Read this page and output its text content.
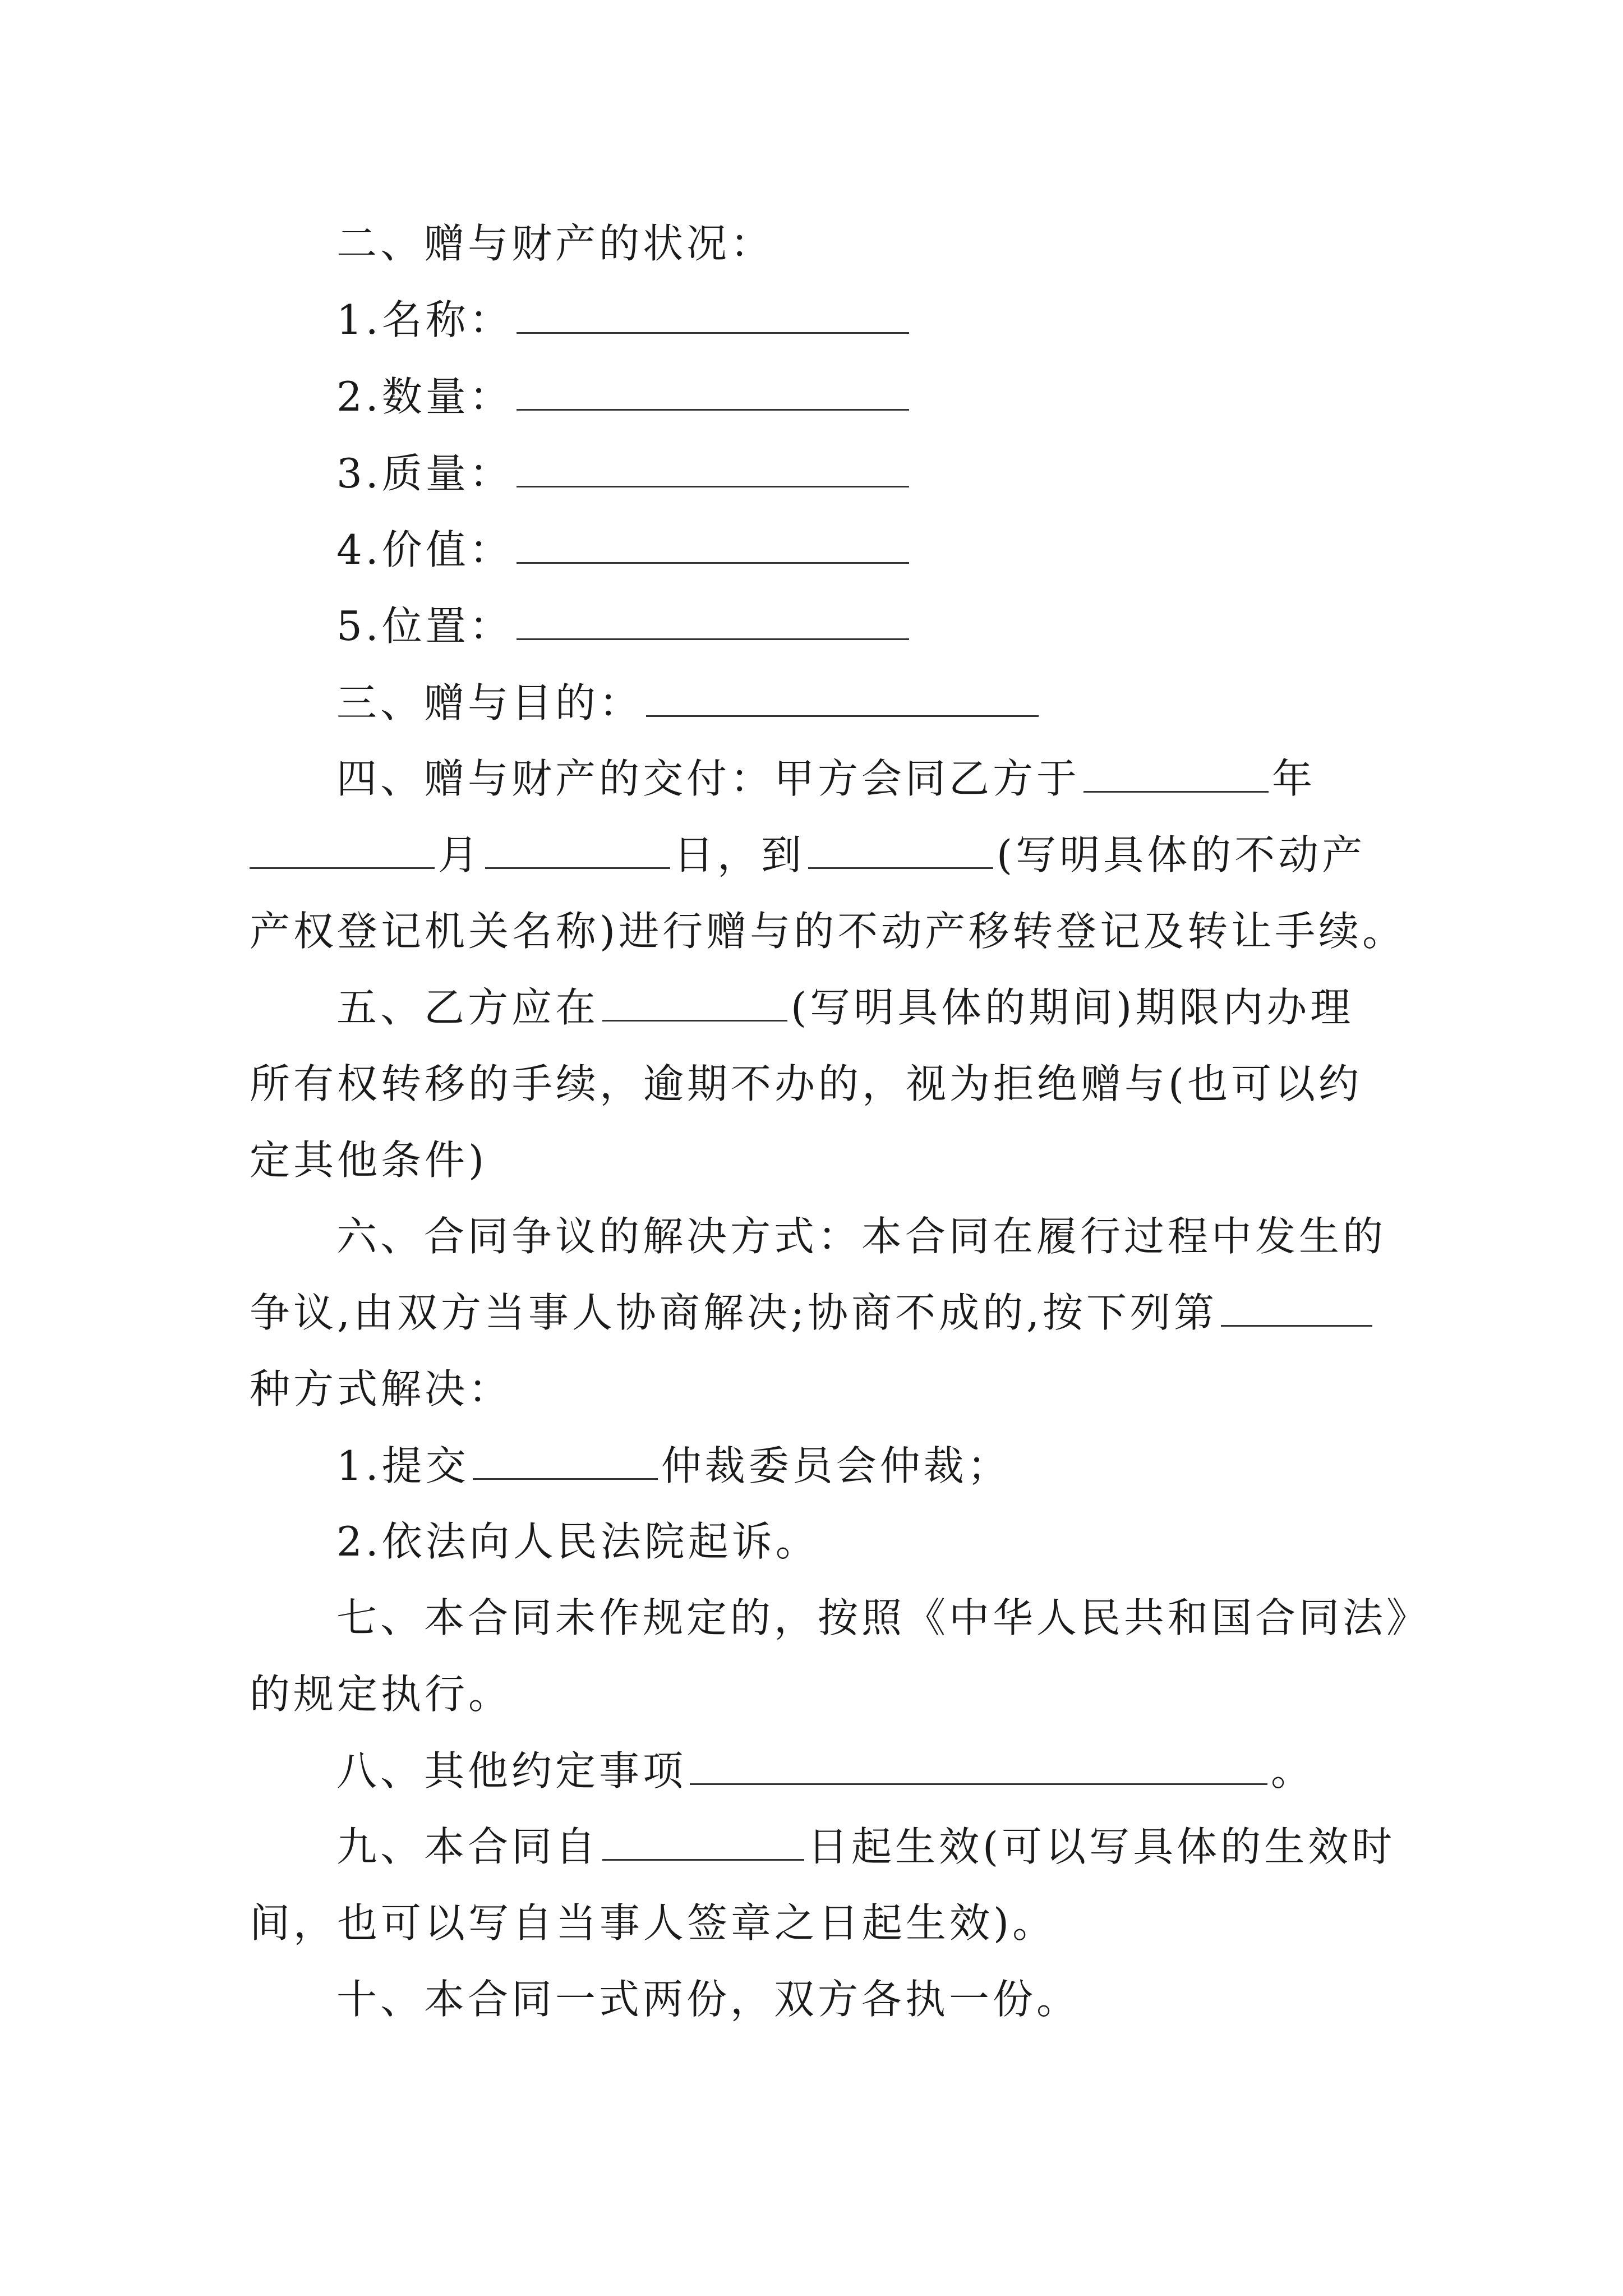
二、赠与财产的状况：
1.名称：
2.数量：
3.质量：
4.价值：
5.位置：
三、赠与目的：
四、赠与财产的交付：甲方会同乙方于	年
月	日，到	(写明具体的不动产
产权登记机关名称)进行赠与的不动产移转登记及转让手续。
五、乙方应在	(写明具体的期间)期限内办理
所有权转移的手续，逾期不办的，视为拒绝赠与(也可以约
定其他条件)
六、合同争议的解决方式：本合同在履行过程中发生的
争议,由双方当事人协商解决;协商不成的,按下列第
种方式解决：
1.提交	仲裁委员会仲裁；
2.依法向人民法院起诉。
七、本合同未作规定的，按照《中华人民共和国合同法》
的规定执行。
八、其他约定事项	。
九、本合同自	日起生效(可以写具体的生效时
间，也可以写自当事人签章之日起生效)。
十、本合同一式两份，双方各执一份。
